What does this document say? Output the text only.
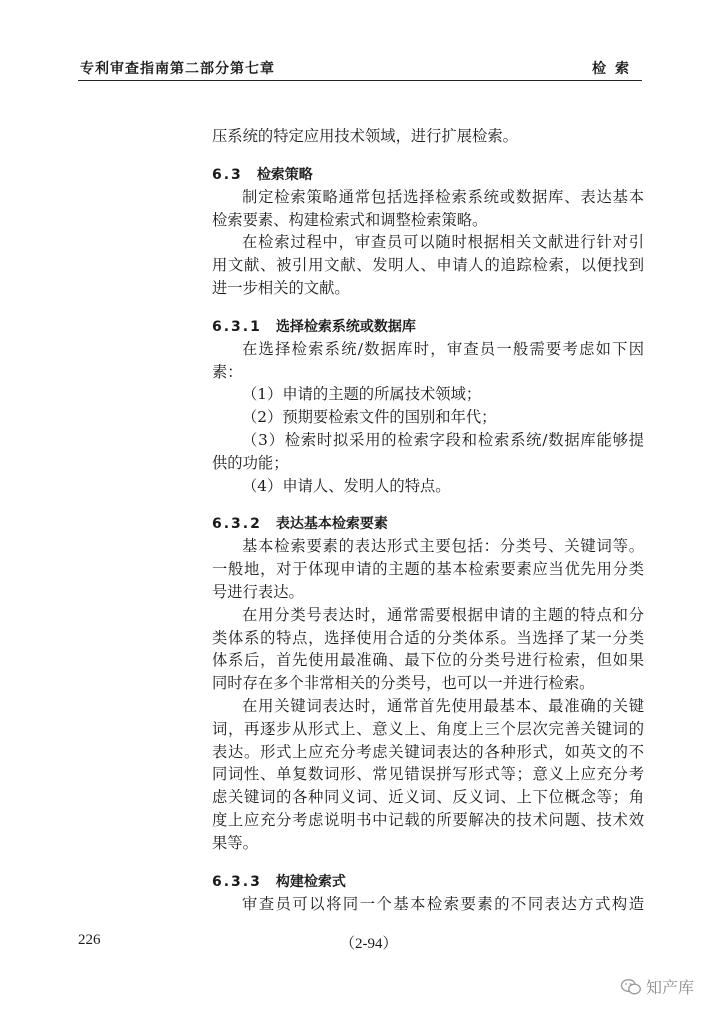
专利审查指南第二部分第七章	检索
压系统的特定应用技术领域，进行扩展检索。
6.3 检索策略
制定检索策略通常包括选择检索系统或数据库、表达基本
检索要素、构建检索式和调整检索策略。
在检索过程中，审查员可以随时根据相关文献进行针对引
用文献、被引用文献、发明人、申请人的追踪检索，以便找到
进一步相关的文献。
6.3.1 选择检索系统或数据库
在选择检索系统/数据库时，审查员一般需要考虑如下因
素：
（1）申请的主题的所属技术领域；
（2）预期要检索文件的国别和年代；
（3）检索时拟采用的检索字段和检索系统/数据库能够提
供的功能；
（4）申请人、发明人的特点。
6.3.2 表达基本检索要素
基本检索要素的表达形式主要包括：分类号、关键词等。
一般地，对于体现申请的主题的基本检索要素应当优先用分类
号进行表达。
在用分类号表达时，通常需要根据申请的主题的特点和分
类体系的特点，选择使用合适的分类体系。当选择了某一分类
体系后，首先使用最准确、最下位的分类号进行检索，但如果
同时存在多个非常相关的分类号，也可以一并进行检索。
在用关键词表达时，通常首先使用最基本、最准确的关键
词，再逐步从形式上、意义上、角度上三个层次完善关键词的
表达。形式上应充分考虑关键词表达的各种形式，如英文的不
同词性、单复数词形、常见错误拼写形式等；意义上应充分考
虑关键词的各种同义词、近义词、反义词、上下位概念等；角
度上应充分考虑说明书中记载的所要解决的技术问题、技术效
果等。
6.3.3 构建检索式
审查员可以将同一个基本检索要素的不同表达方式构造
226	（2-94）
知产库
